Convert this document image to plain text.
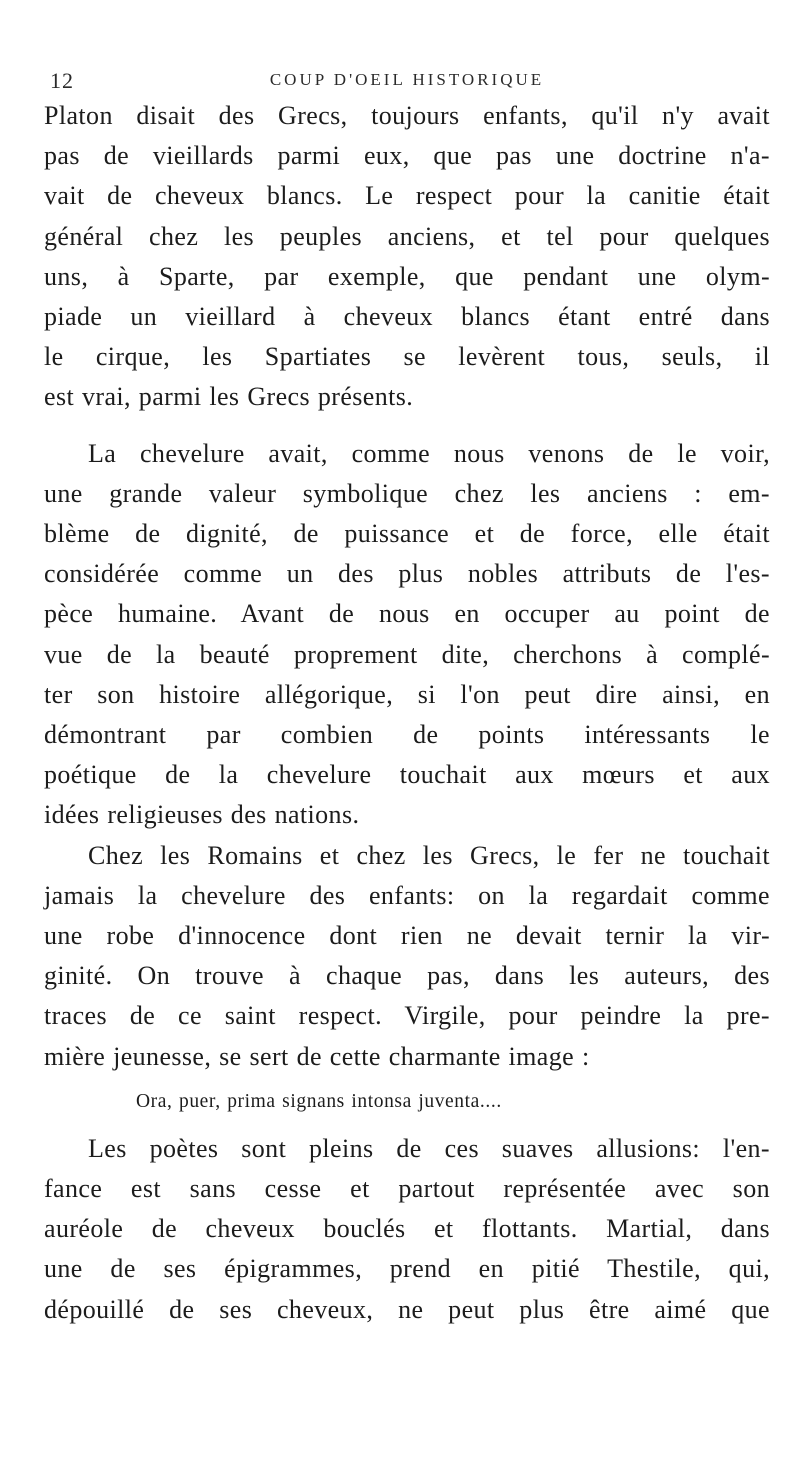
12	COUP D'OEIL HISTORIQUE

Platon disait des Grecs, toujours enfants, qu'il n'y avait

pas de vieillards parmi eux, que pas une doctrine n'a-

vait de cheveux blancs. Le respect pour la canitie était

général chez les peuples anciens, et tel pour quelques

uns, à Sparte, par exemple, que pendant une olym-

piade un vieillard à cheveux blancs étant entré dans

le cirque, les Spartiates se levèrent tous, seuls, il

est vrai, parmi les Grecs présents.

La chevelure avait, comme nous venons de le voir,

une grande valeur symbolique chez les anciens : em-

blème de dignité, de puissance et de force, elle était

considérée comme un des plus nobles attributs de l'es-

pèce humaine. Avant de nous en occuper au point de

vue de la beauté proprement dite, cherchons à complé-

ter son histoire allégorique, si l'on peut dire ainsi, en

démontrant par combien de points intéressants le

poétique de la chevelure touchait aux mœurs et aux

idées religieuses des nations.

Chez les Romains et chez les Grecs, le fer ne touchait

jamais la chevelure des enfants: on la regardait comme

une robe d'innocence dont rien ne devait ternir la vir-

ginité. On trouve à chaque pas, dans les auteurs, des

traces de ce saint respect. Virgile, pour peindre la pre-

mière jeunesse, se sert de cette charmante image :

Ora, puer, prima signans intonsa juventa....

Les poètes sont pleins de ces suaves allusions: l'en-

fance est sans cesse et partout représentée avec son

auréole de cheveux bouclés et flottants. Martial, dans

une de ses épigrammes, prend en pitié Thestile, qui,

dépouillé de ses cheveux, ne peut plus être aimé que
